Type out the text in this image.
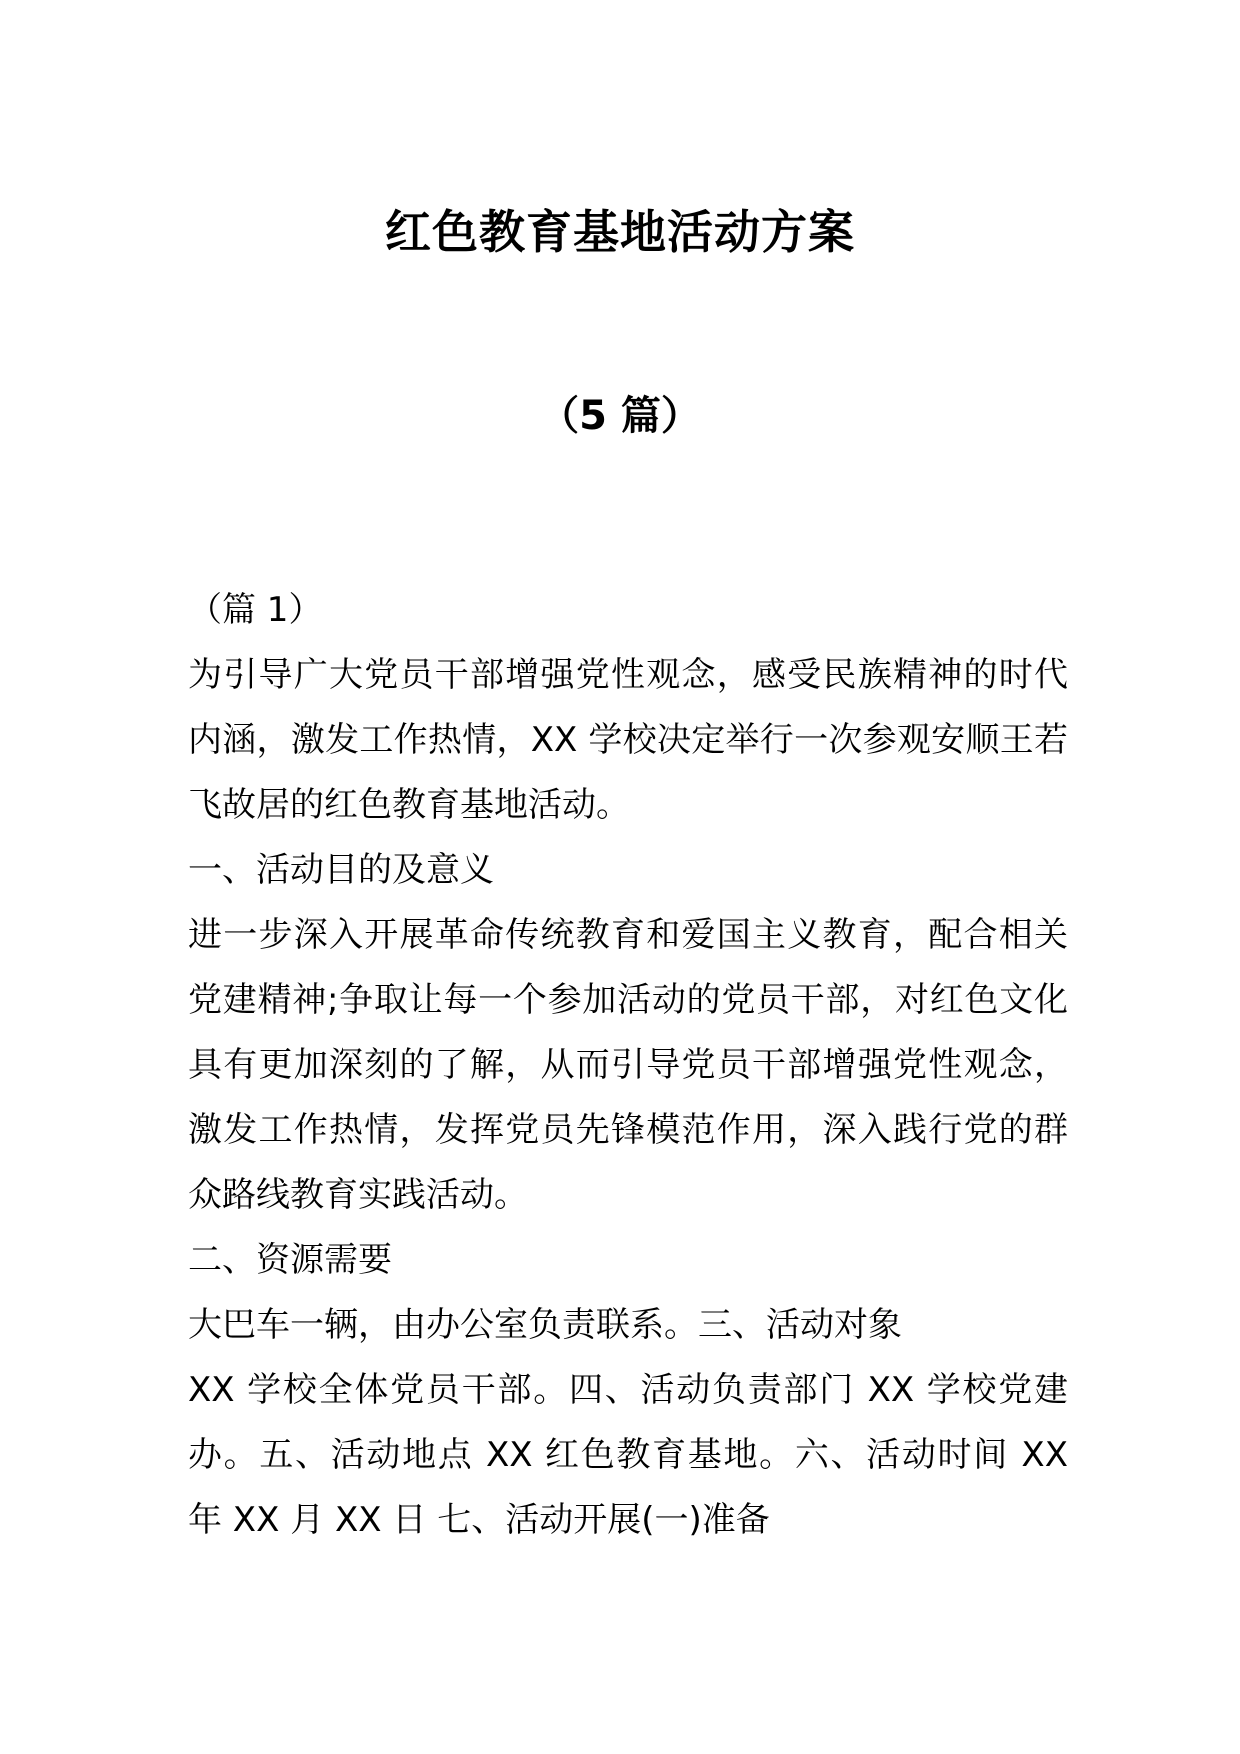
红色教育基地活动方案
（5 篇）

（篇 1）

为引导广大党员干部增强党性观念，感受民族精神的时代内涵，激发工作热情，XX 学校决定举行一次参观安顺王若飞故居的红色教育基地活动。

一、活动目的及意义

进一步深入开展革命传统教育和爱国主义教育，配合相关党建精神;争取让每一个参加活动的党员干部，对红色文化具有更加深刻的了解，从而引导党员干部增强党性观念，激发工作热情，发挥党员先锋模范作用，深入践行党的群众路线教育实践活动。

二、资源需要

大巴车一辆，由办公室负责联系。三、活动对象

XX 学校全体党员干部。四、活动负责部门 XX 学校党建办。五、活动地点 XX 红色教育基地。六、活动时间 XX 年 XX 月 XX 日 七、活动开展(一)准备
